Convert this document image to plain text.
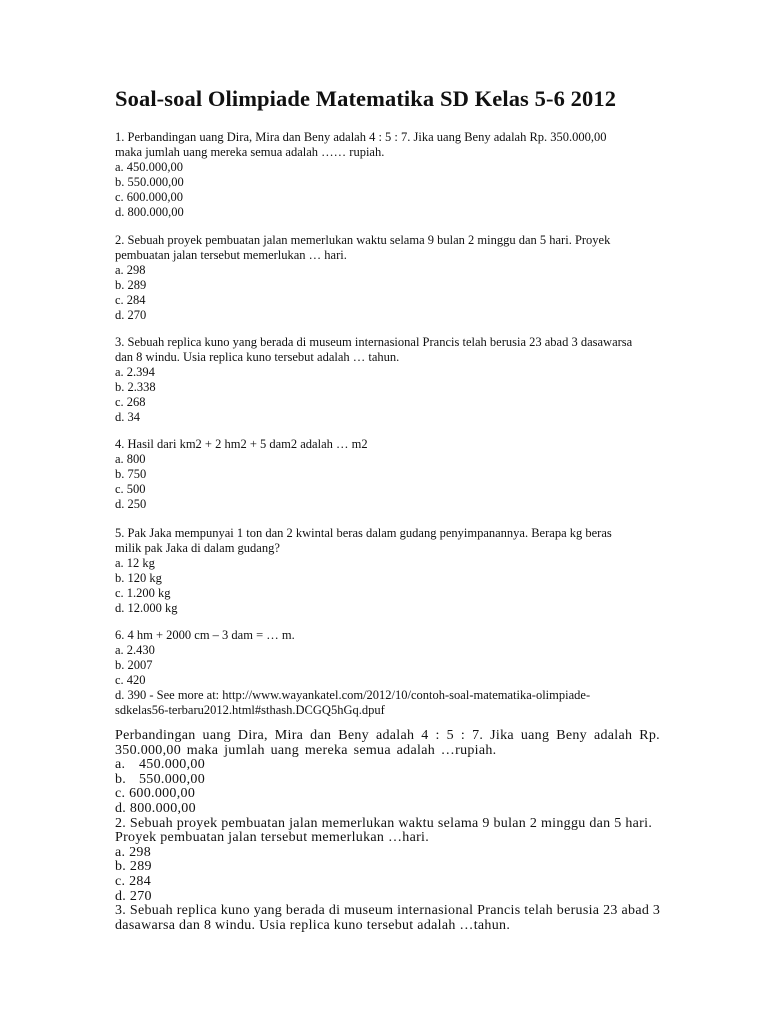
Soal-soal Olimpiade Matematika SD Kelas 5-6 2012
1. Perbandingan uang Dira, Mira dan Beny adalah 4 : 5 : 7. Jika uang Beny adalah Rp. 350.000,00
maka jumlah uang mereka semua adalah …… rupiah.
a. 450.000,00
b. 550.000,00
c. 600.000,00
d. 800.000,00
2. Sebuah proyek pembuatan jalan memerlukan waktu selama 9 bulan 2 minggu dan 5 hari. Proyek
pembuatan jalan tersebut memerlukan … hari.
a. 298
b. 289
c. 284
d. 270
3. Sebuah replica kuno yang berada di museum internasional Prancis telah berusia 23 abad 3 dasawarsa
dan 8 windu. Usia replica kuno tersebut adalah … tahun.
a. 2.394
b. 2.338
c. 268
d. 34
4. Hasil dari km2 + 2 hm2 + 5 dam2 adalah … m2
a. 800
b. 750
c. 500
d. 250
5. Pak Jaka mempunyai 1 ton dan 2 kwintal beras dalam gudang penyimpanannya. Berapa kg beras
milik pak Jaka di dalam gudang?
a. 12 kg
b. 120 kg
c. 1.200 kg
d. 12.000 kg
6. 4 hm + 2000 cm – 3 dam = … m.
a. 2.430
b. 2007
c. 420
d. 390 - See more at: http://www.wayankatel.com/2012/10/contoh-soal-matematika-olimpiade-
sdkelas56-terbaru2012.html#sthash.DCGQ5hGq.dpuf
Perbandingan uang Dira, Mira dan Beny adalah 4 : 5 : 7. Jika uang Beny adalah Rp. 350.000,00 maka jumlah uang mereka semua adalah …rupiah.
a. 450.000,00
b. 550.000,00
c. 600.000,00
d. 800.000,00
2. Sebuah proyek pembuatan jalan memerlukan waktu selama 9 bulan 2 minggu dan 5 hari.
Proyek pembuatan jalan tersebut memerlukan …hari.
a. 298
b. 289
c. 284
d. 270
3. Sebuah replica kuno yang berada di museum internasional Prancis telah berusia 23 abad 3
dasawarsa dan 8 windu. Usia replica kuno tersebut adalah …tahun.
